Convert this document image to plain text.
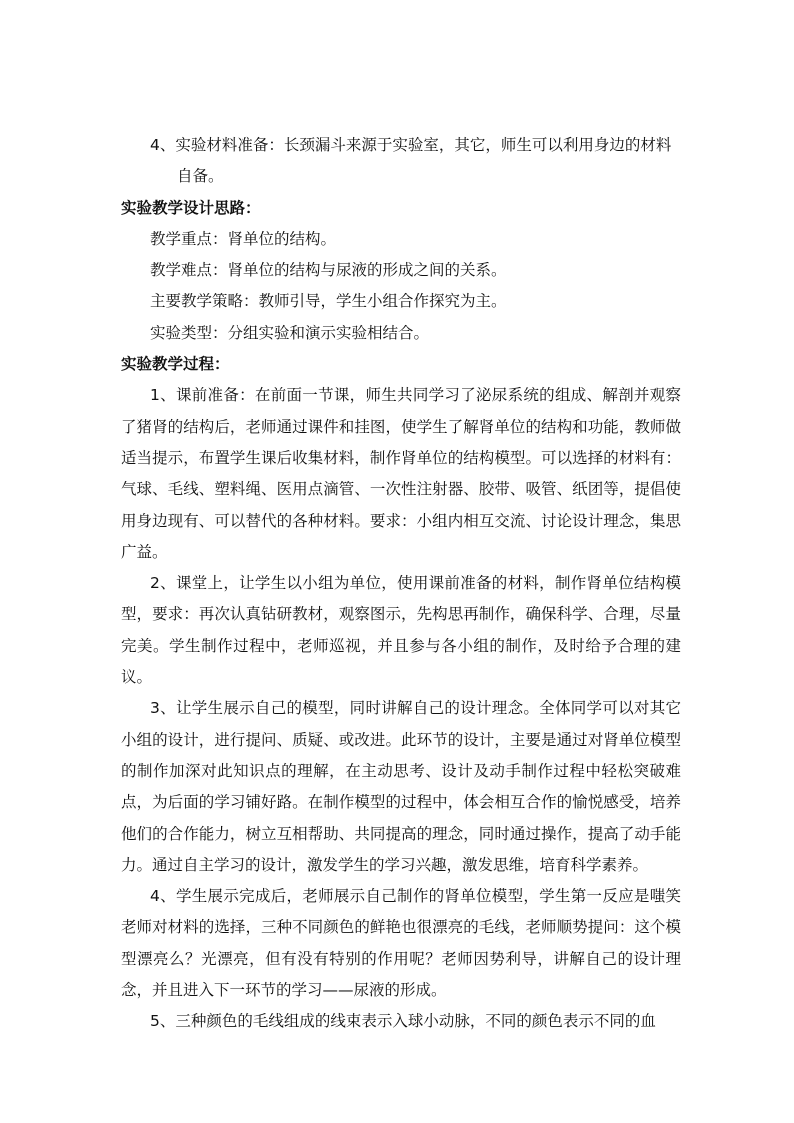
4、实验材料准备：长颈漏斗来源于实验室，其它，师生可以利用身边的材料自备。

实验教学设计思路：

教学重点：肾单位的结构。

教学难点：肾单位的结构与尿液的形成之间的关系。

主要教学策略：教师引导，学生小组合作探究为主。

实验类型：分组实验和演示实验相结合。

实验教学过程：

1、课前准备：在前面一节课，师生共同学习了泌尿系统的组成、解剖并观察了猪肾的结构后，老师通过课件和挂图，使学生了解肾单位的结构和功能，教师做适当提示，布置学生课后收集材料，制作肾单位的结构模型。可以选择的材料有：气球、毛线、塑料绳、医用点滴管、一次性注射器、胶带、吸管、纸团等，提倡使用身边现有、可以替代的各种材料。要求：小组内相互交流、讨论设计理念，集思广益。

2、课堂上，让学生以小组为单位，使用课前准备的材料，制作肾单位结构模型，要求：再次认真钻研教材，观察图示，先构思再制作，确保科学、合理，尽量完美。学生制作过程中，老师巡视，并且参与各小组的制作，及时给予合理的建议。

3、让学生展示自己的模型，同时讲解自己的设计理念。全体同学可以对其它小组的设计，进行提问、质疑、或改进。此环节的设计，主要是通过对肾单位模型的制作加深对此知识点的理解，在主动思考、设计及动手制作过程中轻松突破难点，为后面的学习铺好路。在制作模型的过程中，体会相互合作的愉悦感受，培养他们的合作能力，树立互相帮助、共同提高的理念，同时通过操作，提高了动手能力。通过自主学习的设计，激发学生的学习兴趣，激发思维，培育科学素养。

4、学生展示完成后，老师展示自己制作的肾单位模型，学生第一反应是嗤笑老师对材料的选择，三种不同颜色的鲜艳也很漂亮的毛线，老师顺势提问：这个模型漂亮么？光漂亮，但有没有特别的作用呢？老师因势利导，讲解自己的设计理念，并且进入下一环节的学习——尿液的形成。

5、三种颜色的毛线组成的线束表示入球小动脉，不同的颜色表示不同的血
